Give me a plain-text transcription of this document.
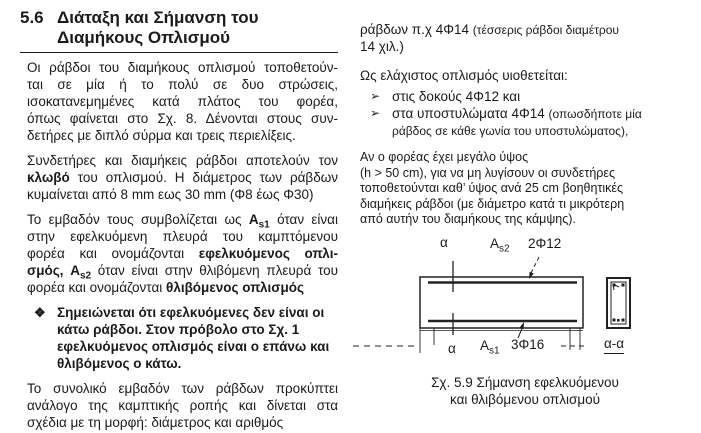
5.6 Διάταξη και Σήμανση του
Διαμήκους Οπλισμού
Οι ράβδοι του διαμήκους οπλισμού τοποθετούν-
ται σε μία ή το πολύ σε δυο στρώσεις,
ισοκατανεμημένες κατά πλάτος του φορέα,
όπως φαίνεται στο Σχ. 8. Δένονται στους συν-
δετήρες με διπλό σύρμα και τρεις περιελίξεις.
Συνδετήρες και διαμήκεις ράβδοι αποτελούν τον
κλωβό του οπλισμού. Η διάμετρος των ράβδων
κυμαίνεται από 8 mm εως 30 mm (Φ8 έως Φ30)
Το εμβαδόν τους συμβολίζεται ως $A_{s1}$ όταν είναι
στην εφελκυόμενη πλευρά του καμπτόμενου
φορέα και ονομάζονται εφελκυόμενος οπλι-
σμός, $A_{s2}$ όταν είναι στην θλιβόμενη πλευρά του
φορέα και ονομάζονται θλιβόμενος οπλισμός
❖ Σημειώνεται ότι εφελκυόμενες δεν είναι οι
κάτω ράβδοι. Στον πρόβολο στο Σχ. 1
εφελκυόμενος οπλισμός είναι ο επάνω και
θλιβόμενος ο κάτω.
Το συνολικό εμβαδόν των ράβδων προκύπτει
ανάλογο της καμπτικής ροπής και δίνεται στα
σχέδια με τη μορφή: διάμετρος και αριθμός
ράβδων π.χ 4Φ14 (τέσσερις ράβδοι διαμέτρου
14 χιλ.)
Ως ελάχιστος οπλισμός υιοθετείται:
➢ στις δοκούς 4Φ12 και
➢ στα υποστυλώματα 4Φ14 (οπωσδήποτε μία
ράβδος σε κάθε γωνία του υποστυλώματος),
Αν ο φορέας έχει μεγάλο ύψος
(h > 50 cm), για να μη λυγίσουν οι συνδετήρες
τοποθετούνται καθ’ ύψος ανά 25 cm βοηθητικές
διαμήκεις ράβδοι (με διάμετρο κατά τι μικρότερη
από αυτήν του διαμήκους της κάμψης).
α	$A_{s2}$ 2Φ12
α $A_{s1}$ 3Φ16	α-α
Σχ. 5.9 Σήμανση εφελκυόμενου
και θλιβόμενου οπλισμού
